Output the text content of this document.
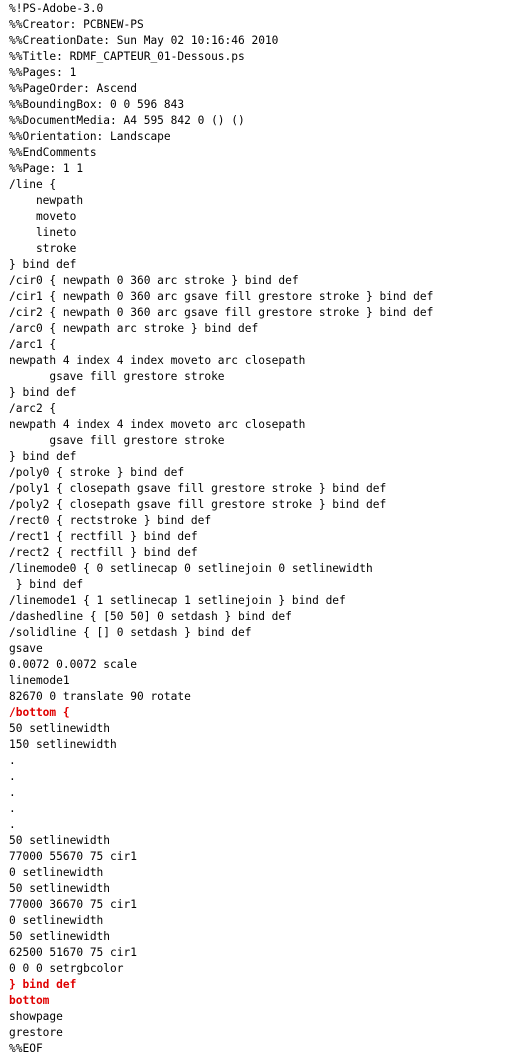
%!PS-Adobe-3.0
%%Creator: PCBNEW-PS
%%CreationDate: Sun May 02 10:16:46 2010
%%Title: RDMF_CAPTEUR_01-Dessous.ps
%%Pages: 1
%%PageOrder: Ascend
%%BoundingBox: 0 0 596 843
%%DocumentMedia: A4 595 842 0 () ()
%%Orientation: Landscape
%%EndComments
%%Page: 1 1
/line {
newpath
moveto
lineto
stroke
} bind def
/cir0 { newpath 0 360 arc stroke } bind def
/cir1 { newpath 0 360 arc gsave fill grestore stroke } bind def
/cir2 { newpath 0 360 arc gsave fill grestore stroke } bind def
/arc0 { newpath arc stroke } bind def
/arc1 {
newpath 4 index 4 index moveto arc closepath
gsave fill grestore stroke
} bind def
/arc2 {
newpath 4 index 4 index moveto arc closepath
gsave fill grestore stroke
} bind def
/poly0 { stroke } bind def
/poly1 { closepath gsave fill grestore stroke } bind def
/poly2 { closepath gsave fill grestore stroke } bind def
/rect0 { rectstroke } bind def
/rect1 { rectfill } bind def
/rect2 { rectfill } bind def
/linemode0 { 0 setlinecap 0 setlinejoin 0 setlinewidth
} bind def
/linemode1 { 1 setlinecap 1 setlinejoin } bind def
/dashedline { [50 50] 0 setdash } bind def
/solidline { [] 0 setdash } bind def
gsave
0.0072 0.0072 scale
linemode1
82670 0 translate 90 rotate
/bottom {
50 setlinewidth
150 setlinewidth
.
.
.
.
.
50 setlinewidth
77000 55670 75 cir1
0 setlinewidth
50 setlinewidth
77000 36670 75 cir1
0 setlinewidth
50 setlinewidth
62500 51670 75 cir1
0 0 0 setrgbcolor
} bind def
bottom
showpage
grestore
%%EOF
